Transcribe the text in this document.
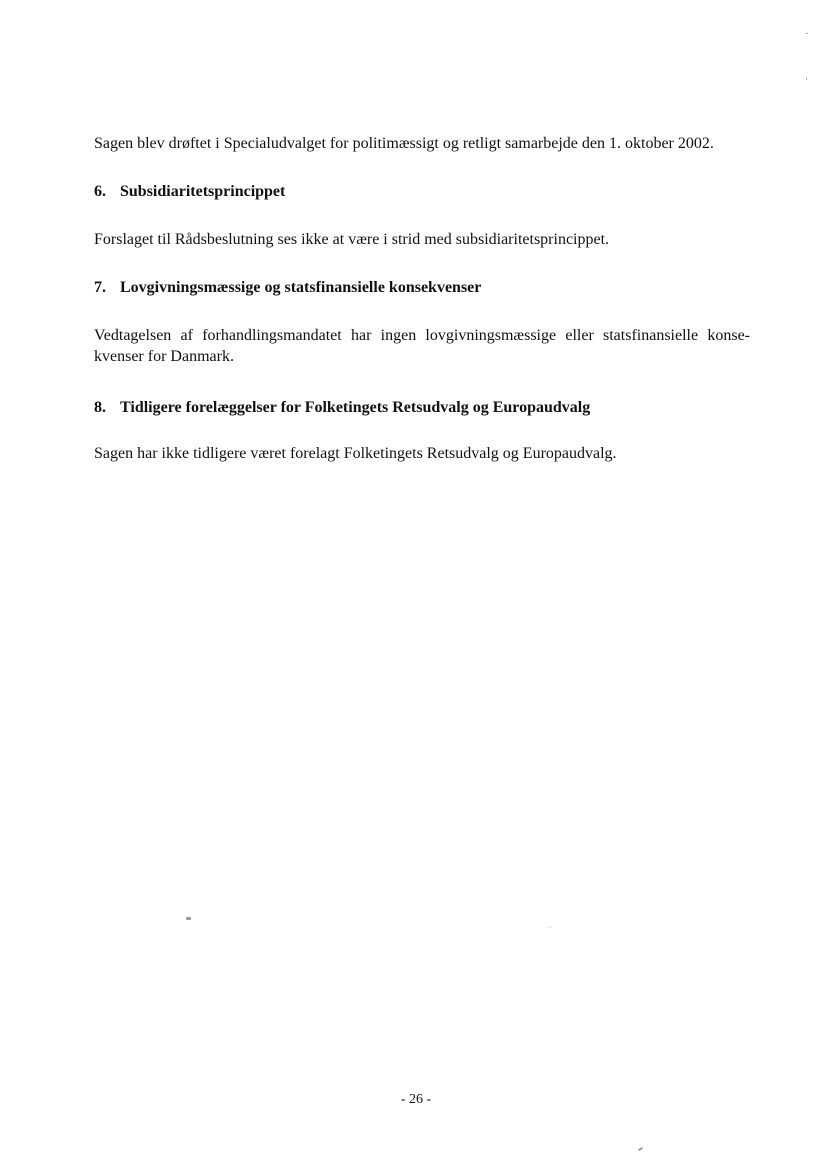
Sagen blev drøftet i Specialudvalget for politimæssigt og retligt samarbejde den 1. oktober 2002.

6. Subsidiaritetsprincippet

Forslaget til Rådsbeslutning ses ikke at være i strid med subsidiaritetsprincippet.

7. Lovgivningsmæssige og statsfinansielle konsekvenser

Vedtagelsen af forhandlingsmandatet har ingen lovgivningsmæssige eller statsfinansielle konse-

kvenser for Danmark.

8. Tidligere forelæggelser for Folketingets Retsudvalg og Europaudvalg

Sagen har ikke tidligere været forelagt Folketingets Retsudvalg og Europaudvalg.

- 26 -
